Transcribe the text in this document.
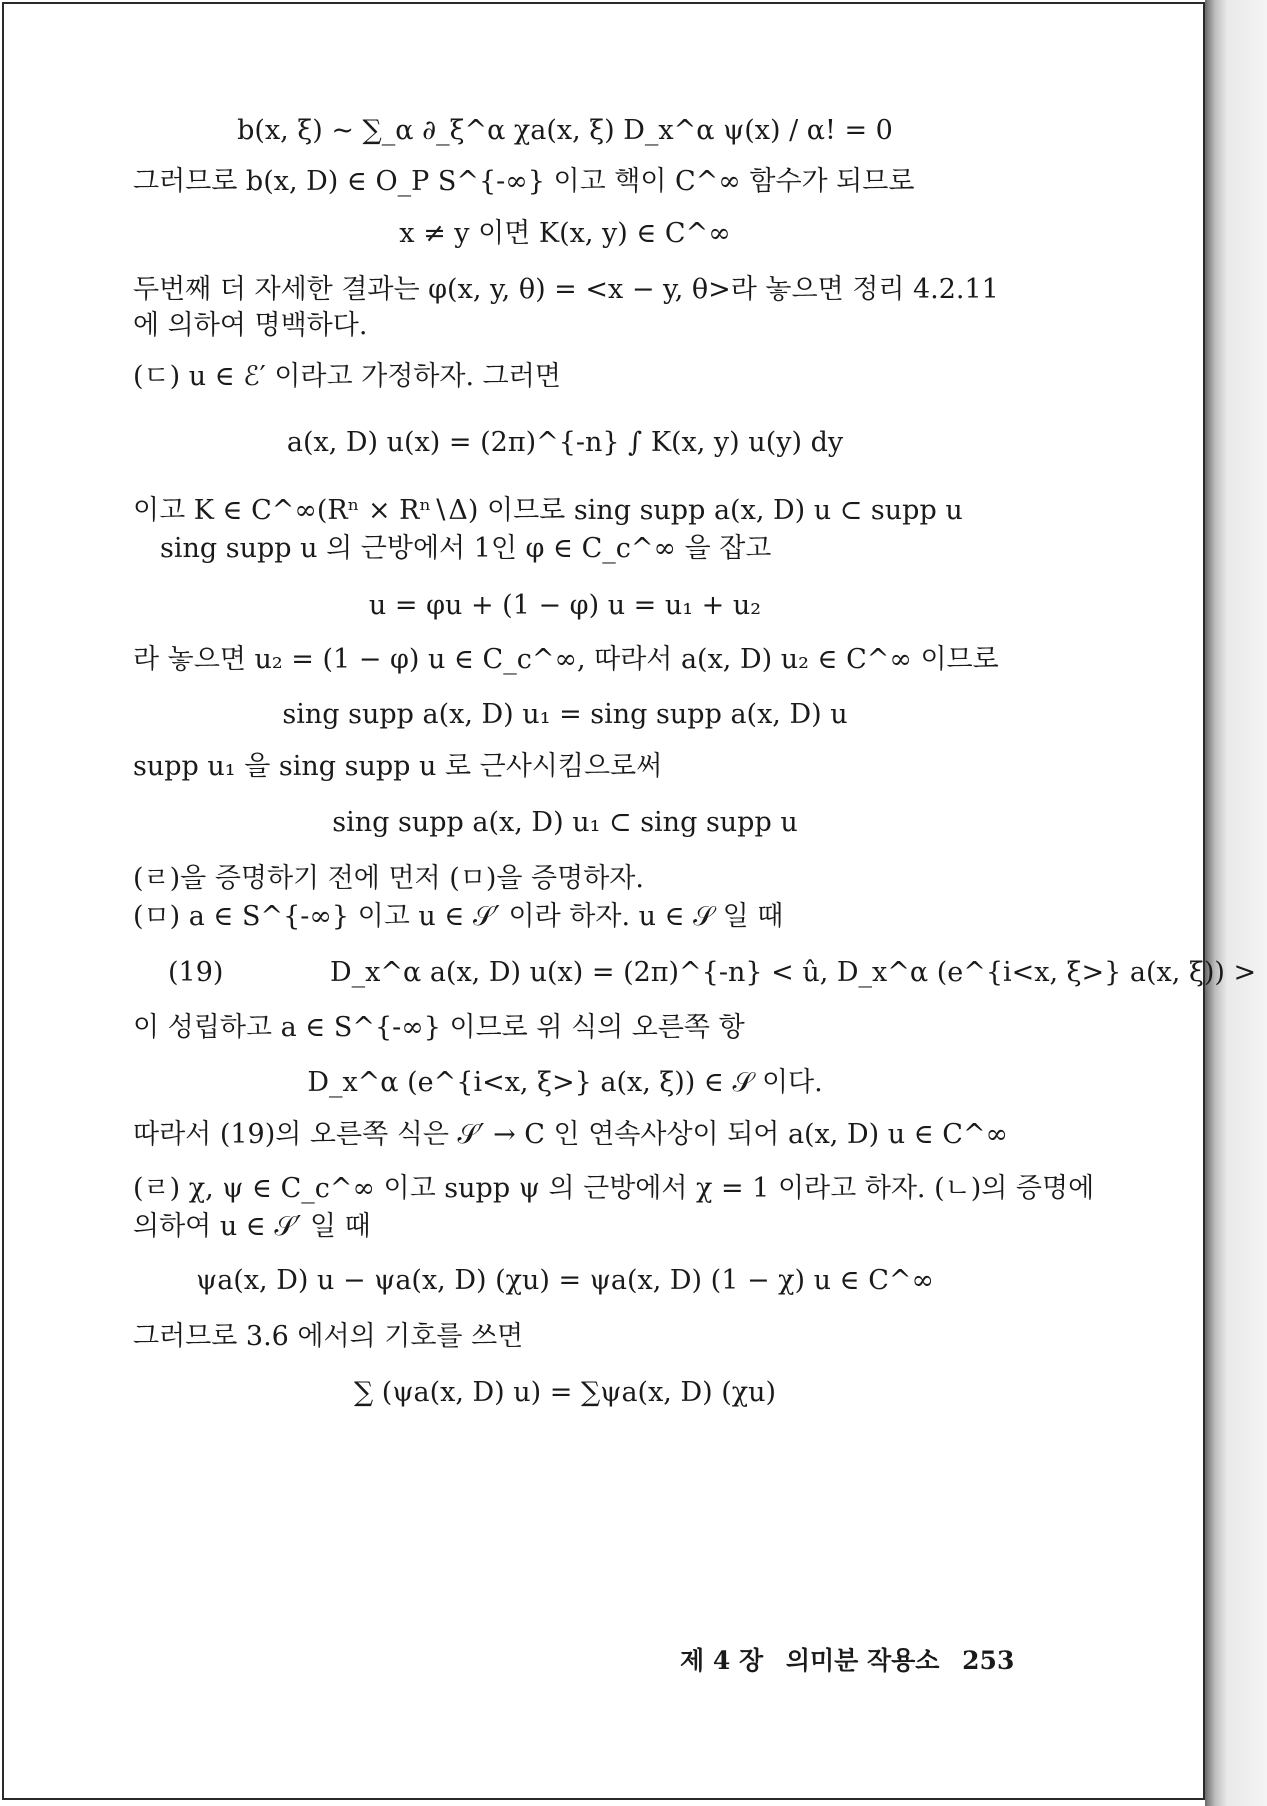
b(x, ξ) ~ ∑_α ∂_ξ^α χa(x, ξ) D_x^α ψ(x) / α! = 0
그러므로 b(x, D) ∈ O_P S^{-∞} 이고 핵이 C^∞ 함수가 되므로
x ≠ y 이면 K(x, y) ∈ C^∞
두번째 더 자세한 결과는 φ(x, y, θ) = <x − y, θ>라 놓으면 정리 4.2.11
에 의하여 명백하다.
(ㄷ) u ∈ ℰ′ 이라고 가정하자. 그러면
a(x, D) u(x) = (2π)^{-n} ∫ K(x, y) u(y) dy
이고 K ∈ C^∞(Rⁿ × Rⁿ∖Δ) 이므로 sing supp a(x, D) u ⊂ supp u
sing supp u 의 근방에서 1인 φ ∈ C_c^∞ 을 잡고
u = φu + (1 − φ) u = u₁ + u₂
라 놓으면 u₂ = (1 − φ) u ∈ C_c^∞, 따라서 a(x, D) u₂ ∈ C^∞ 이므로
sing supp a(x, D) u₁ = sing supp a(x, D) u
supp u₁ 을 sing supp u 로 근사시킴으로써
sing supp a(x, D) u₁ ⊂ sing supp u
(ㄹ)을 증명하기 전에 먼저 (ㅁ)을 증명하자.
(ㅁ) a ∈ S^{-∞} 이고 u ∈ 𝒮′ 이라 하자. u ∈ 𝒮 일 때
(19)	D_x^α a(x, D) u(x) = (2π)^{-n} < û, D_x^α (e^{i<x, ξ>} a(x, ξ)) >
이 성립하고 a ∈ S^{-∞} 이므로 위 식의 오른쪽 항
D_x^α (e^{i<x, ξ>} a(x, ξ)) ∈ 𝒮 이다.
따라서 (19)의 오른쪽 식은 𝒮′ → C 인 연속사상이 되어 a(x, D) u ∈ C^∞
(ㄹ) χ, ψ ∈ C_c^∞ 이고 supp ψ 의 근방에서 χ = 1 이라고 하자. (ㄴ)의 증명에
의하여 u ∈ 𝒮′ 일 때
ψa(x, D) u − ψa(x, D) (χu) = ψa(x, D) (1 − χ) u ∈ C^∞
그러므로 3.6 에서의 기호를 쓰면
∑ (ψa(x, D) u) = ∑ψa(x, D) (χu)
제 4 장 의미분 작용소 253
